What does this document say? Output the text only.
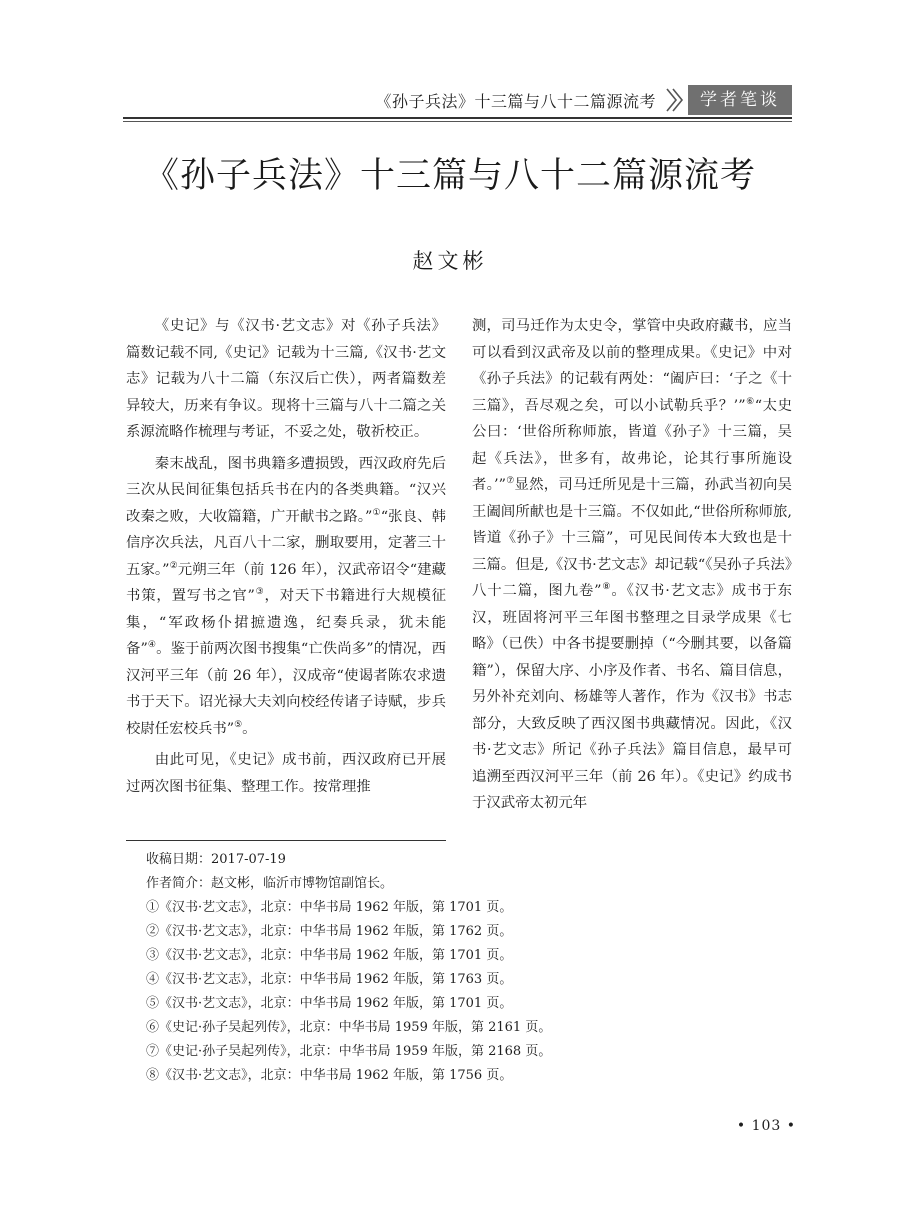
《孙子兵法》十三篇与八十二篇源流考	学者笔谈
《孙子兵法》十三篇与八十二篇源流考
赵文彬

《史记》与《汉书·艺文志》对《孙子兵法》篇数记载不同,《史记》记载为十三篇,《汉书·艺文志》记载为八十二篇（东汉后亡佚），两者篇数差异较大，历来有争议。现将十三篇与八十二篇之关系源流略作梳理与考证，不妥之处，敬祈校正。

秦末战乱，图书典籍多遭损毁，西汉政府先后三次从民间征集包括兵书在内的各类典籍。“汉兴改秦之败，大收篇籍，广开献书之路。”①“张良、韩信序次兵法，凡百八十二家，删取要用，定著三十五家。”②元朔三年（前 126 年），汉武帝诏令“建藏书策，置写书之官”③，对天下书籍进行大规模征集，“军政杨仆捃摭遗逸，纪奏兵录，犹未能备”④。鉴于前两次图书搜集“亡佚尚多”的情况，西汉河平三年（前 26 年），汉成帝“使谒者陈农求遗书于天下。诏光禄大夫刘向校经传诸子诗赋，步兵校尉任宏校兵书”⑤。

由此可见，《史记》成书前，西汉政府已开展过两次图书征集、整理工作。按常理推

测，司马迁作为太史令，掌管中央政府藏书，应当可以看到汉武帝及以前的整理成果。《史记》中对《孙子兵法》的记载有两处：“阖庐曰：‘子之《十三篇》，吾尽观之矣，可以小试勒兵乎？’”⑥“太史公曰：‘世俗所称师旅，皆道《孙子》十三篇，吴起《兵法》，世多有，故弗论，论其行事所施设者。’”⑦显然，司马迁所见是十三篇，孙武当初向吴王阖闾所献也是十三篇。不仅如此,“世俗所称师旅,皆道《孙子》十三篇”，可见民间传本大致也是十三篇。但是,《汉书·艺文志》却记载“《吴孙子兵法》八十二篇，图九卷”⑧。《汉书·艺文志》成书于东汉，班固将河平三年图书整理之目录学成果《七略》（已佚）中各书提要删掉（“今删其要，以备篇籍”），保留大序、小序及作者、书名、篇目信息，另外补充刘向、杨雄等人著作，作为《汉书》书志部分，大致反映了西汉图书典藏情况。因此，《汉书·艺文志》所记《孙子兵法》篇目信息，最早可追溯至西汉河平三年（前 26 年）。《史记》约成书于汉武帝太初元年

收稿日期：2017-07-19
作者简介：赵文彬，临沂市博物馆副馆长。
①《汉书·艺文志》，北京：中华书局 1962 年版，第 1701 页。
②《汉书·艺文志》，北京：中华书局 1962 年版，第 1762 页。
③《汉书·艺文志》，北京：中华书局 1962 年版，第 1701 页。
④《汉书·艺文志》，北京：中华书局 1962 年版，第 1763 页。
⑤《汉书·艺文志》，北京：中华书局 1962 年版，第 1701 页。
⑥《史记·孙子吴起列传》，北京：中华书局 1959 年版，第 2161 页。
⑦《史记·孙子吴起列传》，北京：中华书局 1959 年版，第 2168 页。
⑧《汉书·艺文志》，北京：中华书局 1962 年版，第 1756 页。
• 103 •
